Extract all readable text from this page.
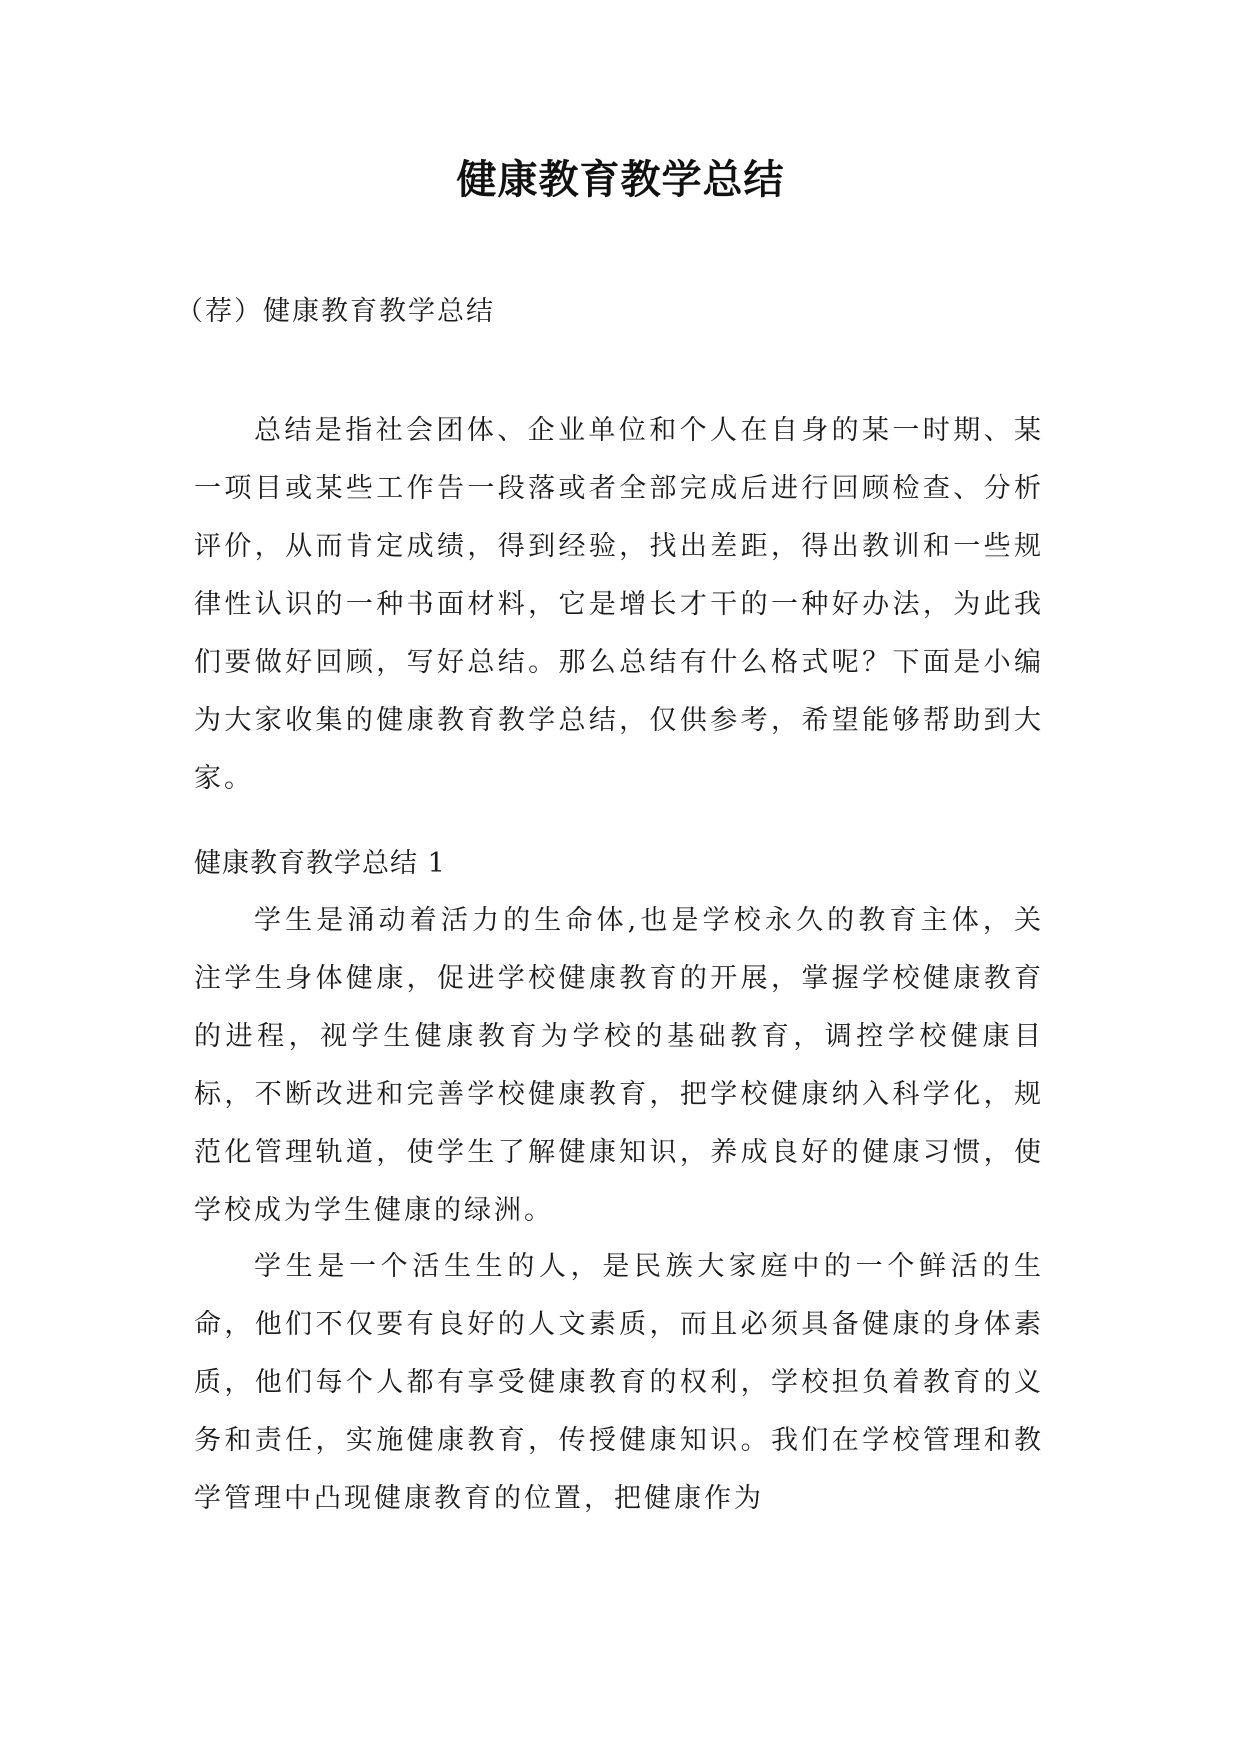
健康教育教学总结

（荐）健康教育教学总结

总结是指社会团体、企业单位和个人在自身的某一时期、某一项目或某些工作告一段落或者全部完成后进行回顾检查、分析评价，从而肯定成绩，得到经验，找出差距，得出教训和一些规律性认识的一种书面材料，它是增长才干的一种好办法，为此我们要做好回顾，写好总结。那么总结有什么格式呢？下面是小编为大家收集的健康教育教学总结，仅供参考，希望能够帮助到大家。

健康教育教学总结 1

学生是涌动着活力的生命体,也是学校永久的教育主体，关注学生身体健康，促进学校健康教育的开展，掌握学校健康教育的进程，视学生健康教育为学校的基础教育，调控学校健康目标，不断改进和完善学校健康教育，把学校健康纳入科学化，规范化管理轨道，使学生了解健康知识，养成良好的健康习惯，使学校成为学生健康的绿洲。

学生是一个活生生的人，是民族大家庭中的一个鲜活的生命，他们不仅要有良好的人文素质，而且必须具备健康的身体素质，他们每个人都有享受健康教育的权利，学校担负着教育的义务和责任，实施健康教育，传授健康知识。我们在学校管理和教学管理中凸现健康教育的位置，把健康作为
